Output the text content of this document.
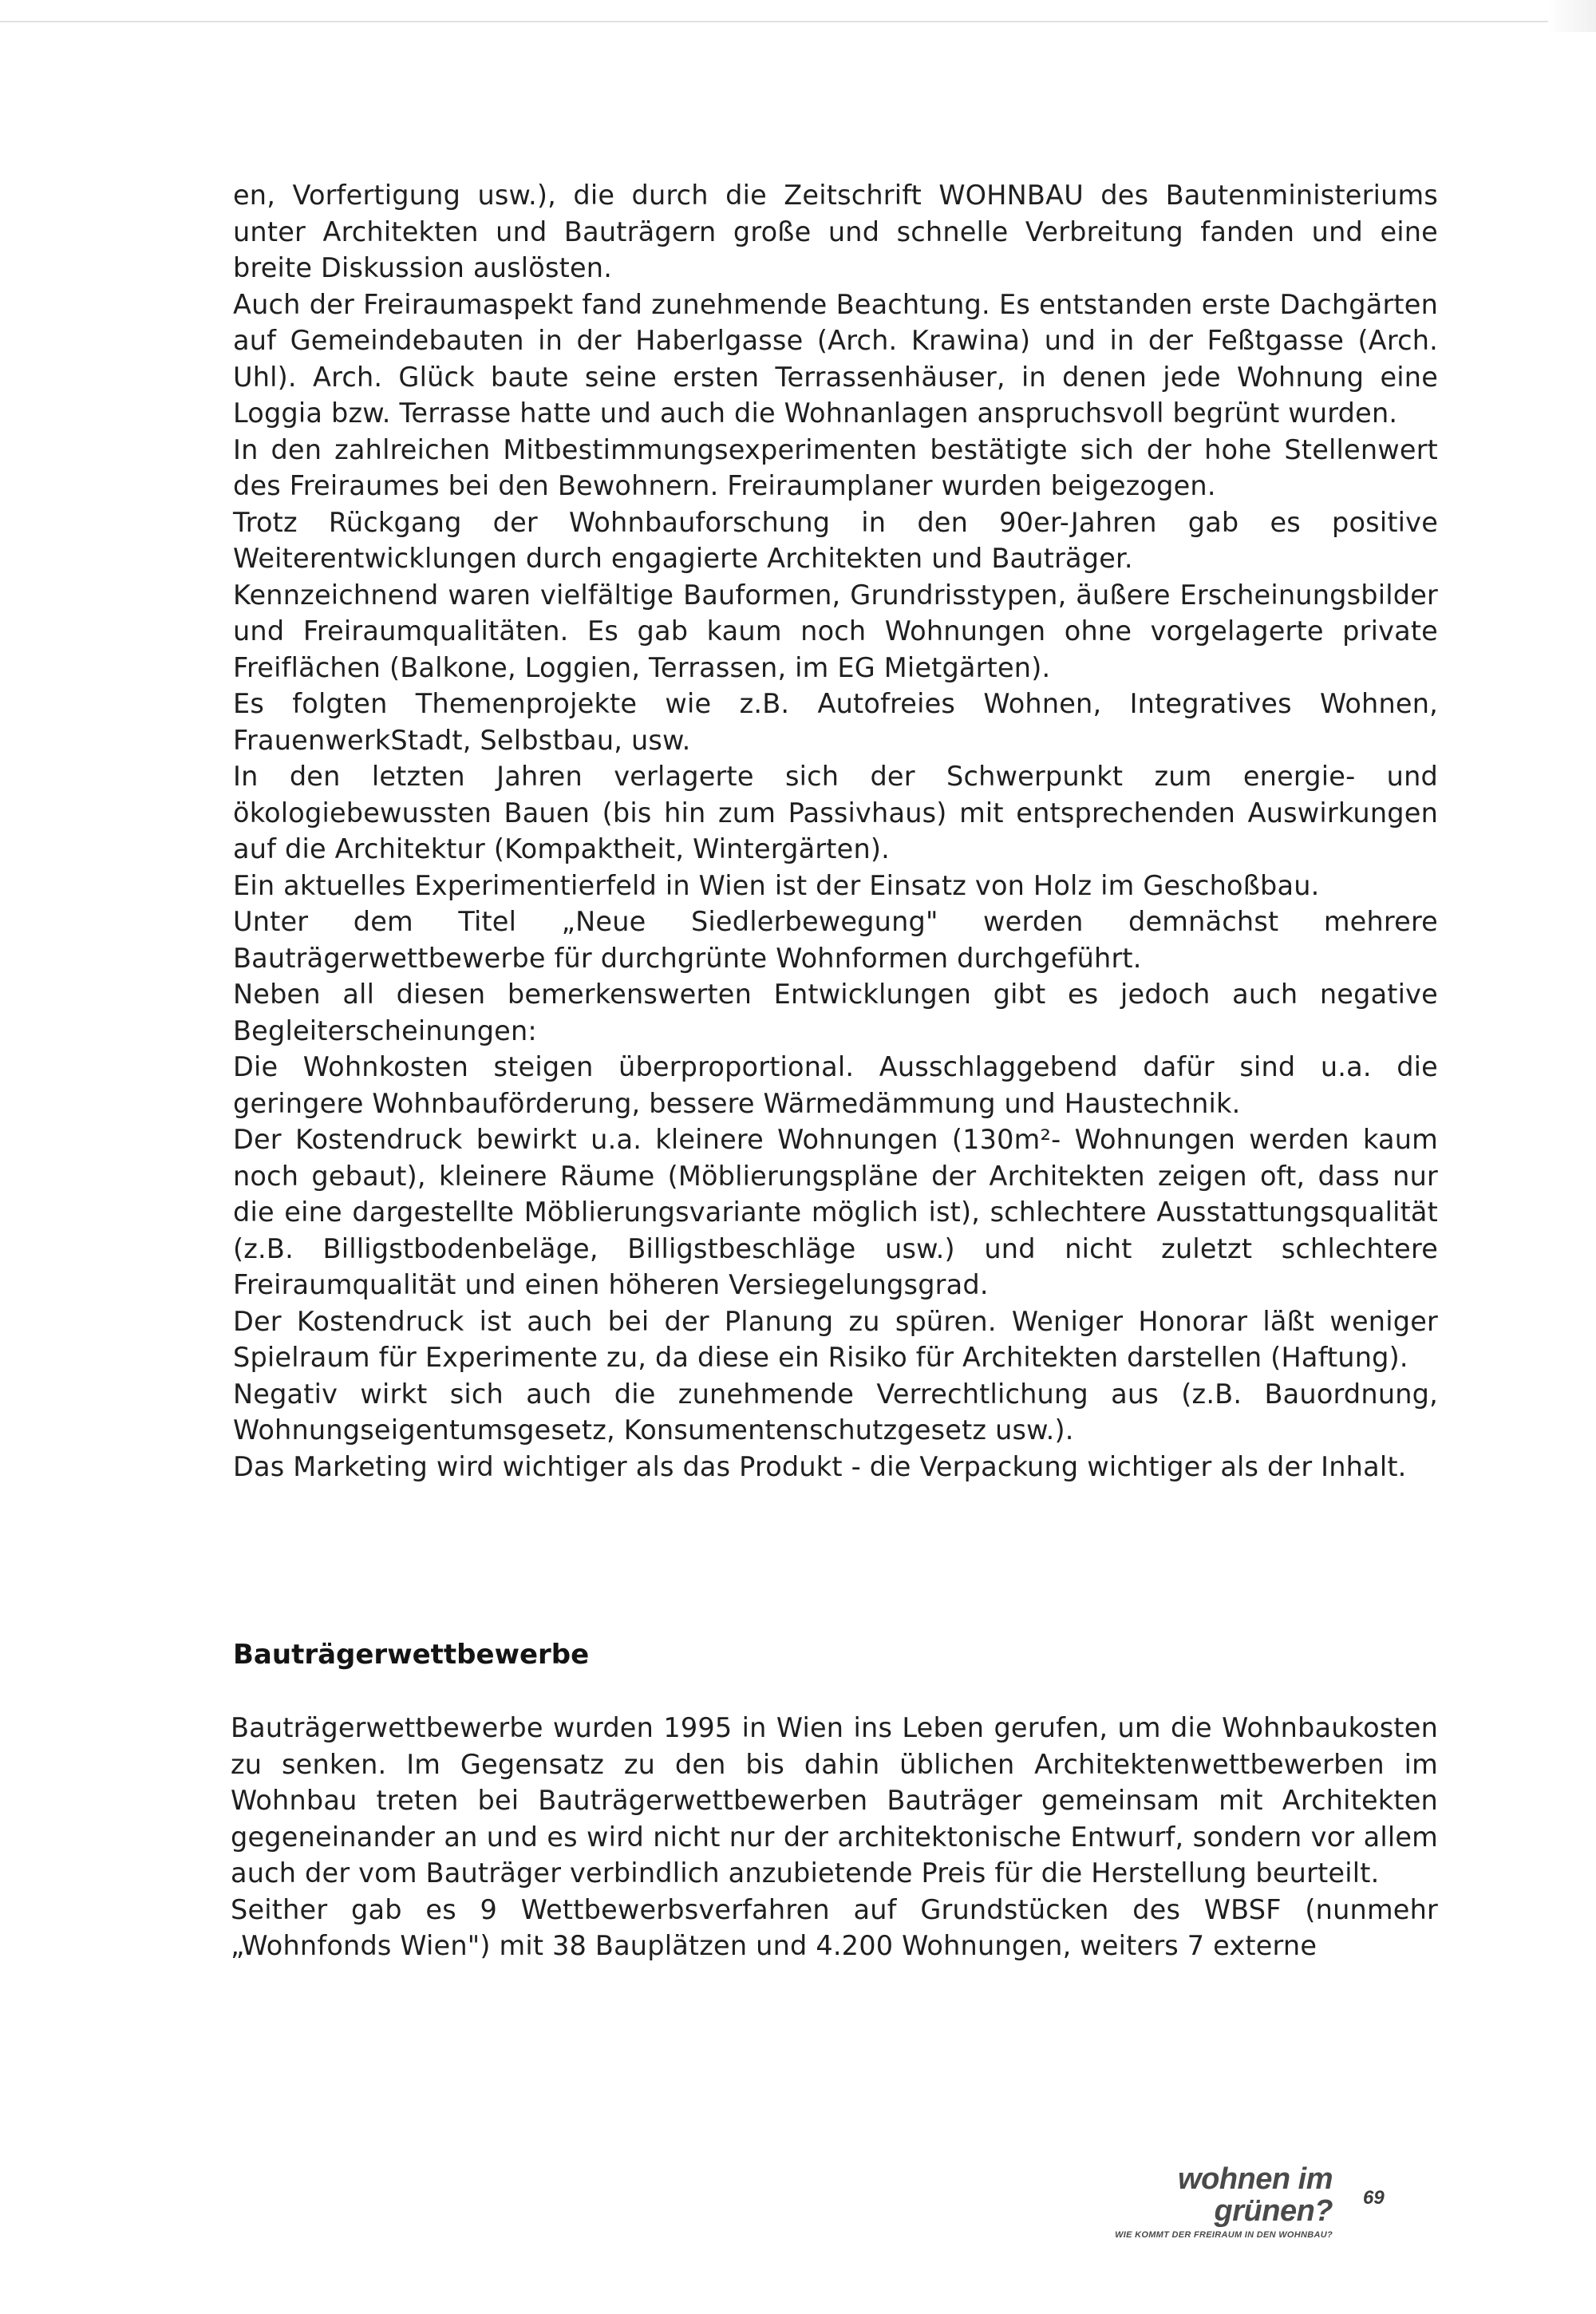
en, Vorfertigung usw.), die durch die Zeitschrift WOHNBAU des Bautenministeriums unter Architekten und Bauträgern große und schnelle Verbreitung fanden und eine breite Diskussion auslösten.

Auch der Freiraumaspekt fand zunehmende Beachtung. Es entstanden erste Dachgärten auf Gemeindebauten in der Haberlgasse (Arch. Krawina) und in der Feßtgasse (Arch. Uhl). Arch. Glück baute seine ersten Terrassenhäuser, in denen jede Wohnung eine Loggia bzw. Terrasse hatte und auch die Wohnanlagen anspruchsvoll begrünt wurden.

In den zahlreichen Mitbestimmungsexperimenten bestätigte sich der hohe Stellenwert des Freiraumes bei den Bewohnern. Freiraumplaner wurden beigezogen.

Trotz Rückgang der Wohnbauforschung in den 90er-Jahren gab es positive Weiterentwicklungen durch engagierte Architekten und Bauträger.

Kennzeichnend waren vielfältige Bauformen, Grundrisstypen, äußere Erscheinungsbilder und Freiraumqualitäten. Es gab kaum noch Wohnungen ohne vorgelagerte private Freiflächen (Balkone, Loggien, Terrassen, im EG Mietgärten).

Es folgten Themenprojekte wie z.B. Autofreies Wohnen, Integratives Wohnen, FrauenwerkStadt, Selbstbau, usw.

In den letzten Jahren verlagerte sich der Schwerpunkt zum energie- und ökologiebewussten Bauen (bis hin zum Passivhaus) mit entsprechenden Auswirkungen auf die Architektur (Kompaktheit, Wintergärten).

Ein aktuelles Experimentierfeld in Wien ist der Einsatz von Holz im Geschoßbau.

Unter dem Titel „Neue Siedlerbewegung" werden demnächst mehrere Bauträgerwettbewerbe für durchgrünte Wohnformen durchgeführt.

Neben all diesen bemerkenswerten Entwicklungen gibt es jedoch auch negative Begleiterscheinungen:

Die Wohnkosten steigen überproportional. Ausschlaggebend dafür sind u.a. die geringere Wohnbauförderung, bessere Wärmedämmung und Haustechnik.

Der Kostendruck bewirkt u.a. kleinere Wohnungen (130m²- Wohnungen werden kaum noch gebaut), kleinere Räume (Möblierungspläne der Architekten zeigen oft, dass nur die eine dargestellte Möblierungsvariante möglich ist), schlechtere Ausstattungsqualität (z.B. Billigstbodenbeläge, Billigstbeschläge usw.) und nicht zuletzt schlechtere Freiraumqualität und einen höheren Versiegelungsgrad.

Der Kostendruck ist auch bei der Planung zu spüren. Weniger Honorar läßt weniger Spielraum für Experimente zu, da diese ein Risiko für Architekten darstellen (Haftung).

Negativ wirkt sich auch die zunehmende Verrechtlichung aus (z.B. Bauordnung, Wohnungseigentumsgesetz, Konsumentenschutzgesetz usw.).

Das Marketing wird wichtiger als das Produkt - die Verpackung wichtiger als der Inhalt.

Bauträgerwettbewerbe

Bauträgerwettbewerbe wurden 1995 in Wien ins Leben gerufen, um die Wohnbaukosten zu senken. Im Gegensatz zu den bis dahin üblichen Architektenwettbewerben im Wohnbau treten bei Bauträgerwettbewerben Bauträger gemeinsam mit Architekten gegeneinander an und es wird nicht nur der architektonische Entwurf, sondern vor allem auch der vom Bauträger verbindlich anzubietende Preis für die Herstellung beurteilt.

Seither gab es 9 Wettbewerbsverfahren auf Grundstücken des WBSF (nunmehr „Wohnfonds Wien") mit 38 Bauplätzen und 4.200 Wohnungen, weiters 7 externe

wohnen im grünen?
WIE KOMMT DER FREIRAUM IN DEN WOHNBAU?
69
